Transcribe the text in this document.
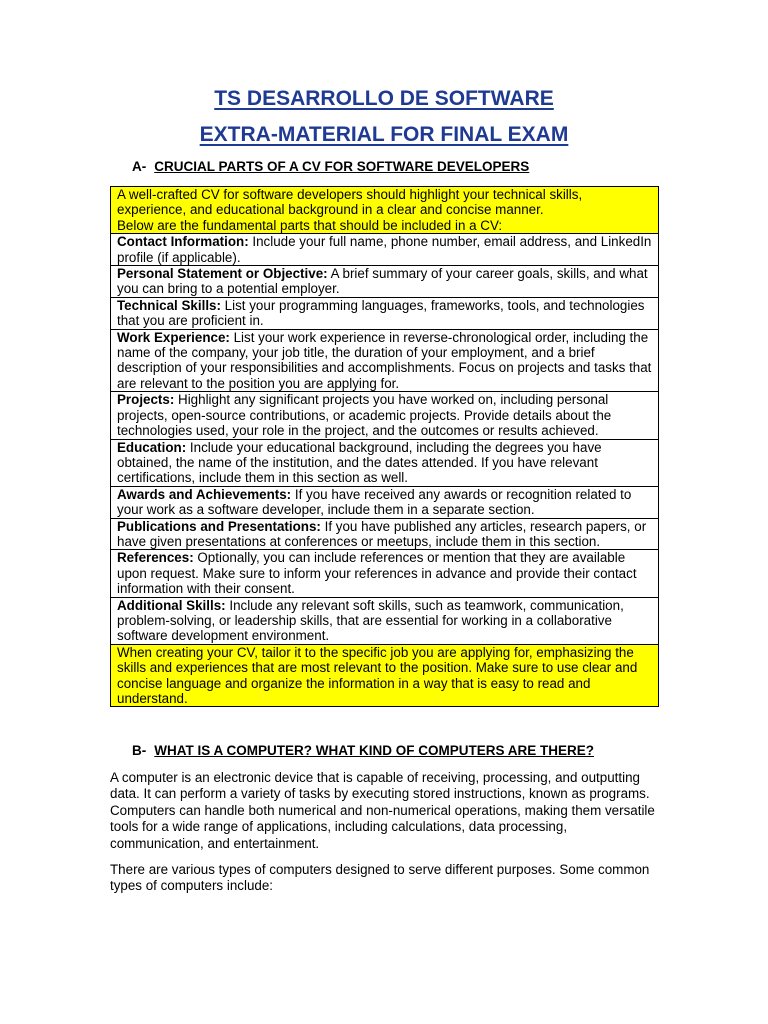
TS DESARROLLO DE SOFTWARE
EXTRA-MATERIAL FOR FINAL EXAM
A- CRUCIAL PARTS OF A CV FOR SOFTWARE DEVELOPERS
A well-crafted CV for software developers should highlight your technical skills, experience, and educational background in a clear and concise manner.
Below are the fundamental parts that should be included in a CV:

Contact Information: Include your full name, phone number, email address, and LinkedIn profile (if applicable).
Personal Statement or Objective: A brief summary of your career goals, skills, and what you can bring to a potential employer.
Technical Skills: List your programming languages, frameworks, tools, and technologies that you are proficient in.
Work Experience: List your work experience in reverse-chronological order, including the name of the company, your job title, the duration of your employment, and a brief description of your responsibilities and accomplishments. Focus on projects and tasks that are relevant to the position you are applying for.
Projects: Highlight any significant projects you have worked on, including personal projects, open-source contributions, or academic projects. Provide details about the technologies used, your role in the project, and the outcomes or results achieved.
Education: Include your educational background, including the degrees you have obtained, the name of the institution, and the dates attended. If you have relevant certifications, include them in this section as well.
Awards and Achievements: If you have received any awards or recognition related to your work as a software developer, include them in a separate section.
Publications and Presentations: If you have published any articles, research papers, or have given presentations at conferences or meetups, include them in this section.
References: Optionally, you can include references or mention that they are available upon request. Make sure to inform your references in advance and provide their contact information with their consent.
Additional Skills: Include any relevant soft skills, such as teamwork, communication, problem-solving, or leadership skills, that are essential for working in a collaborative software development environment.
When creating your CV, tailor it to the specific job you are applying for, emphasizing the skills and experiences that are most relevant to the position. Make sure to use clear and concise language and organize the information in a way that is easy to read and understand.
B- WHAT IS A COMPUTER? WHAT KIND OF COMPUTERS ARE THERE?

A computer is an electronic device that is capable of receiving, processing, and outputting data. It can perform a variety of tasks by executing stored instructions, known as programs. Computers can handle both numerical and non-numerical operations, making them versatile tools for a wide range of applications, including calculations, data processing, communication, and entertainment.

There are various types of computers designed to serve different purposes. Some common types of computers include:
